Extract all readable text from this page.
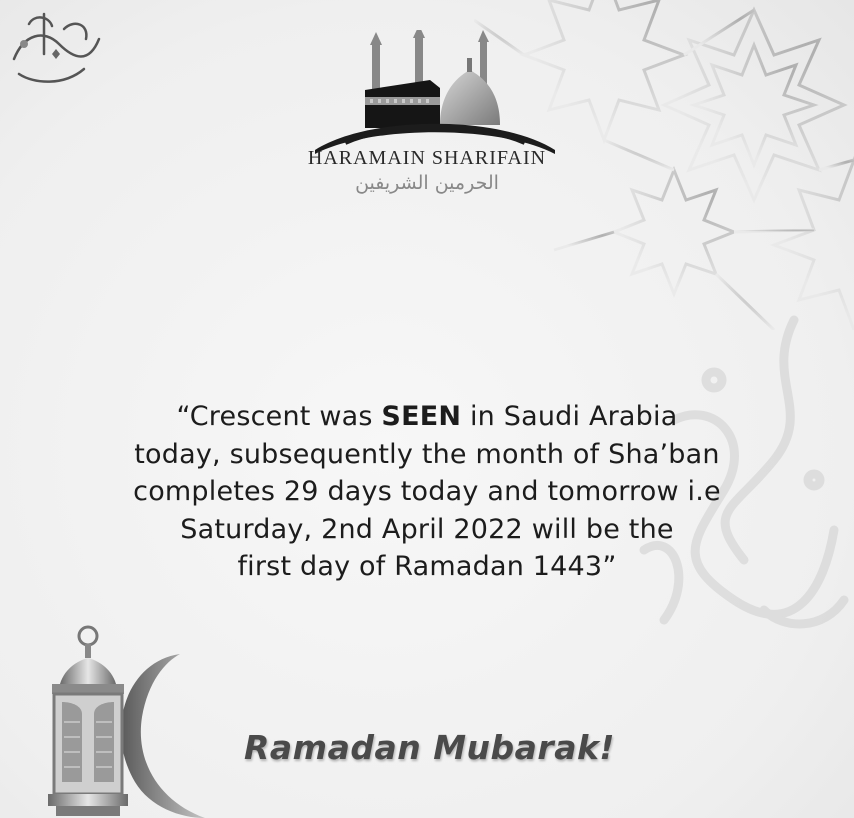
HARAMAIN SHARIFAIN
الحرمين الشريفين
“Crescent was SEEN in Saudi Arabia
today, subsequently the month of Sha’ban
completes 29 days today and tomorrow i.e
Saturday, 2nd April 2022 will be the
first day of Ramadan 1443”
Ramadan Mubarak!
